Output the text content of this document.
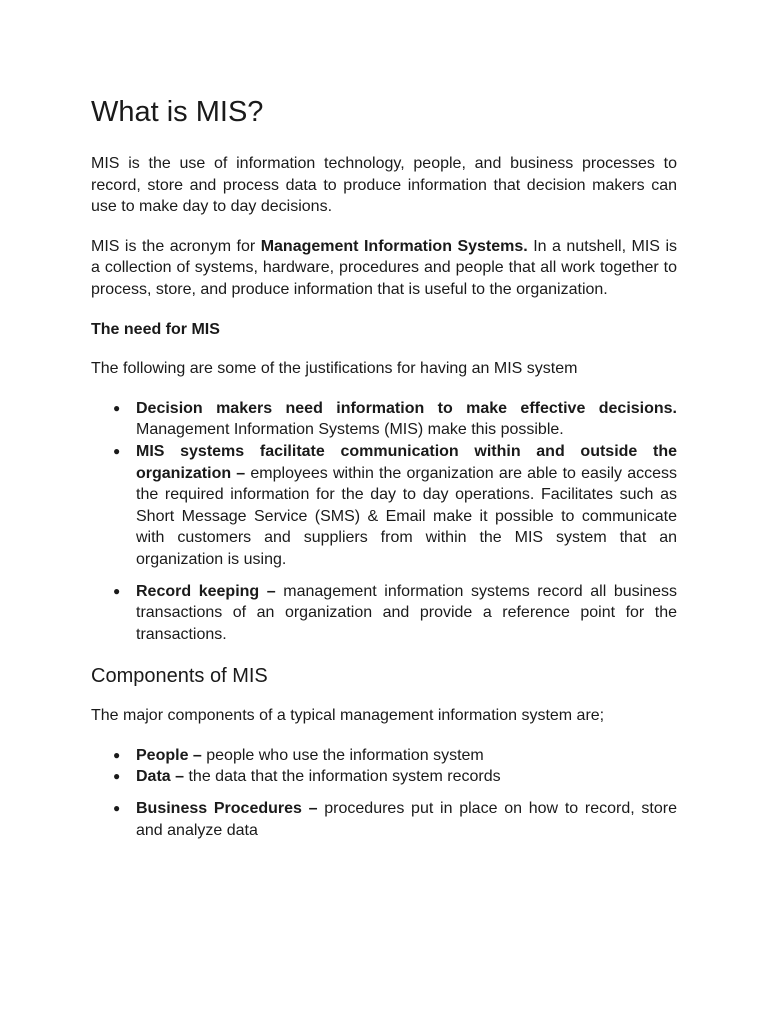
What is MIS?

MIS is the use of information technology, people, and business processes to record, store and process data to produce information that decision makers can use to make day to day decisions.

MIS is the acronym for Management Information Systems. In a nutshell, MIS is a collection of systems, hardware, procedures and people that all work together to process, store, and produce information that is useful to the organization.

The need for MIS

The following are some of the justifications for having an MIS system

● Decision makers need information to make effective decisions. Management Information Systems (MIS) make this possible.
● MIS systems facilitate communication within and outside the organization – employees within the organization are able to easily access the required information for the day to day operations. Facilitates such as Short Message Service (SMS) & Email make it possible to communicate with customers and suppliers from within the MIS system that an organization is using.
● Record keeping – management information systems record all business transactions of an organization and provide a reference point for the transactions.
Components of MIS

The major components of a typical management information system are;

● People – people who use the information system
● Data – the data that the information system records
● Business Procedures – procedures put in place on how to record, store and analyze data
